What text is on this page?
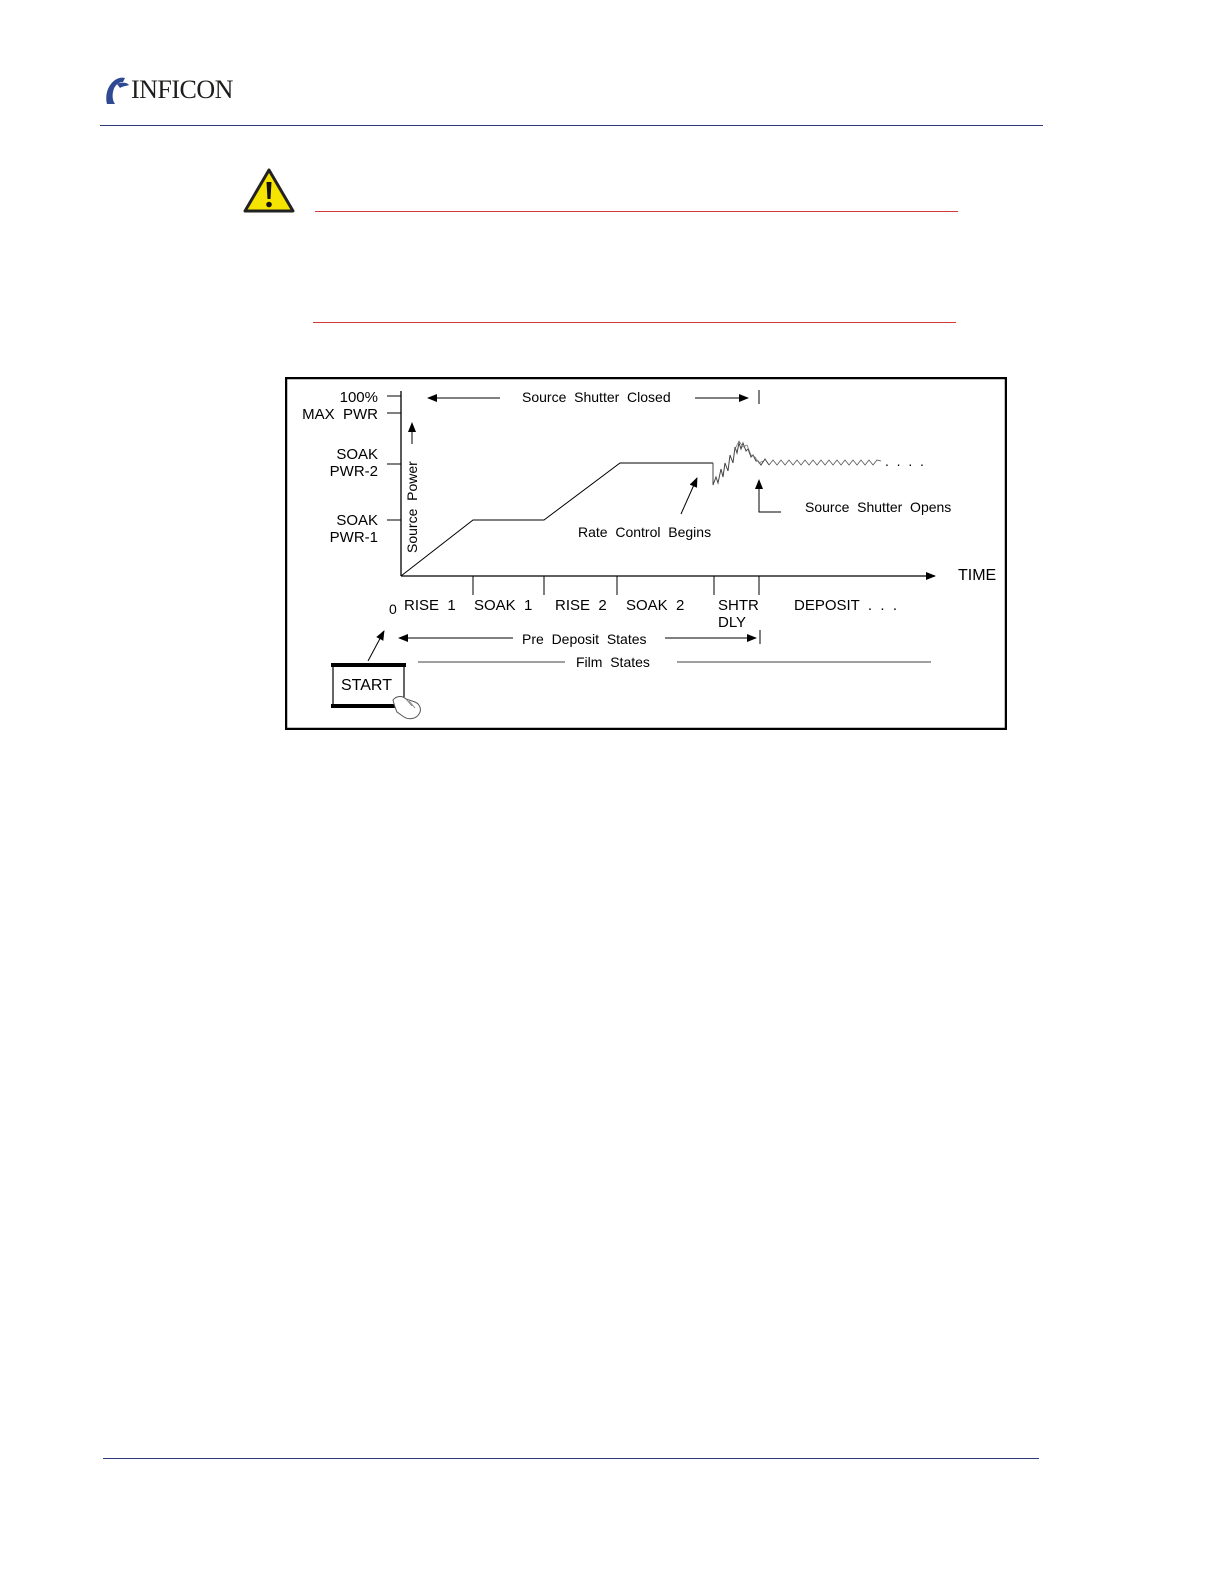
INFICON
100%
MAX  PWR
SOAK
PWR-2
SOAK
PWR-1 Source  Power
TIME
0 RISE  1 SOAK  1 RISE  2 SOAK  2 SHTR
DLY
DEPOSIT  .  .  .
.  .  .  .
Source  Shutter  Closed
Rate  Control  Begins
Source  Shutter  Opens
Pre  Deposit  States
Film  States
START
